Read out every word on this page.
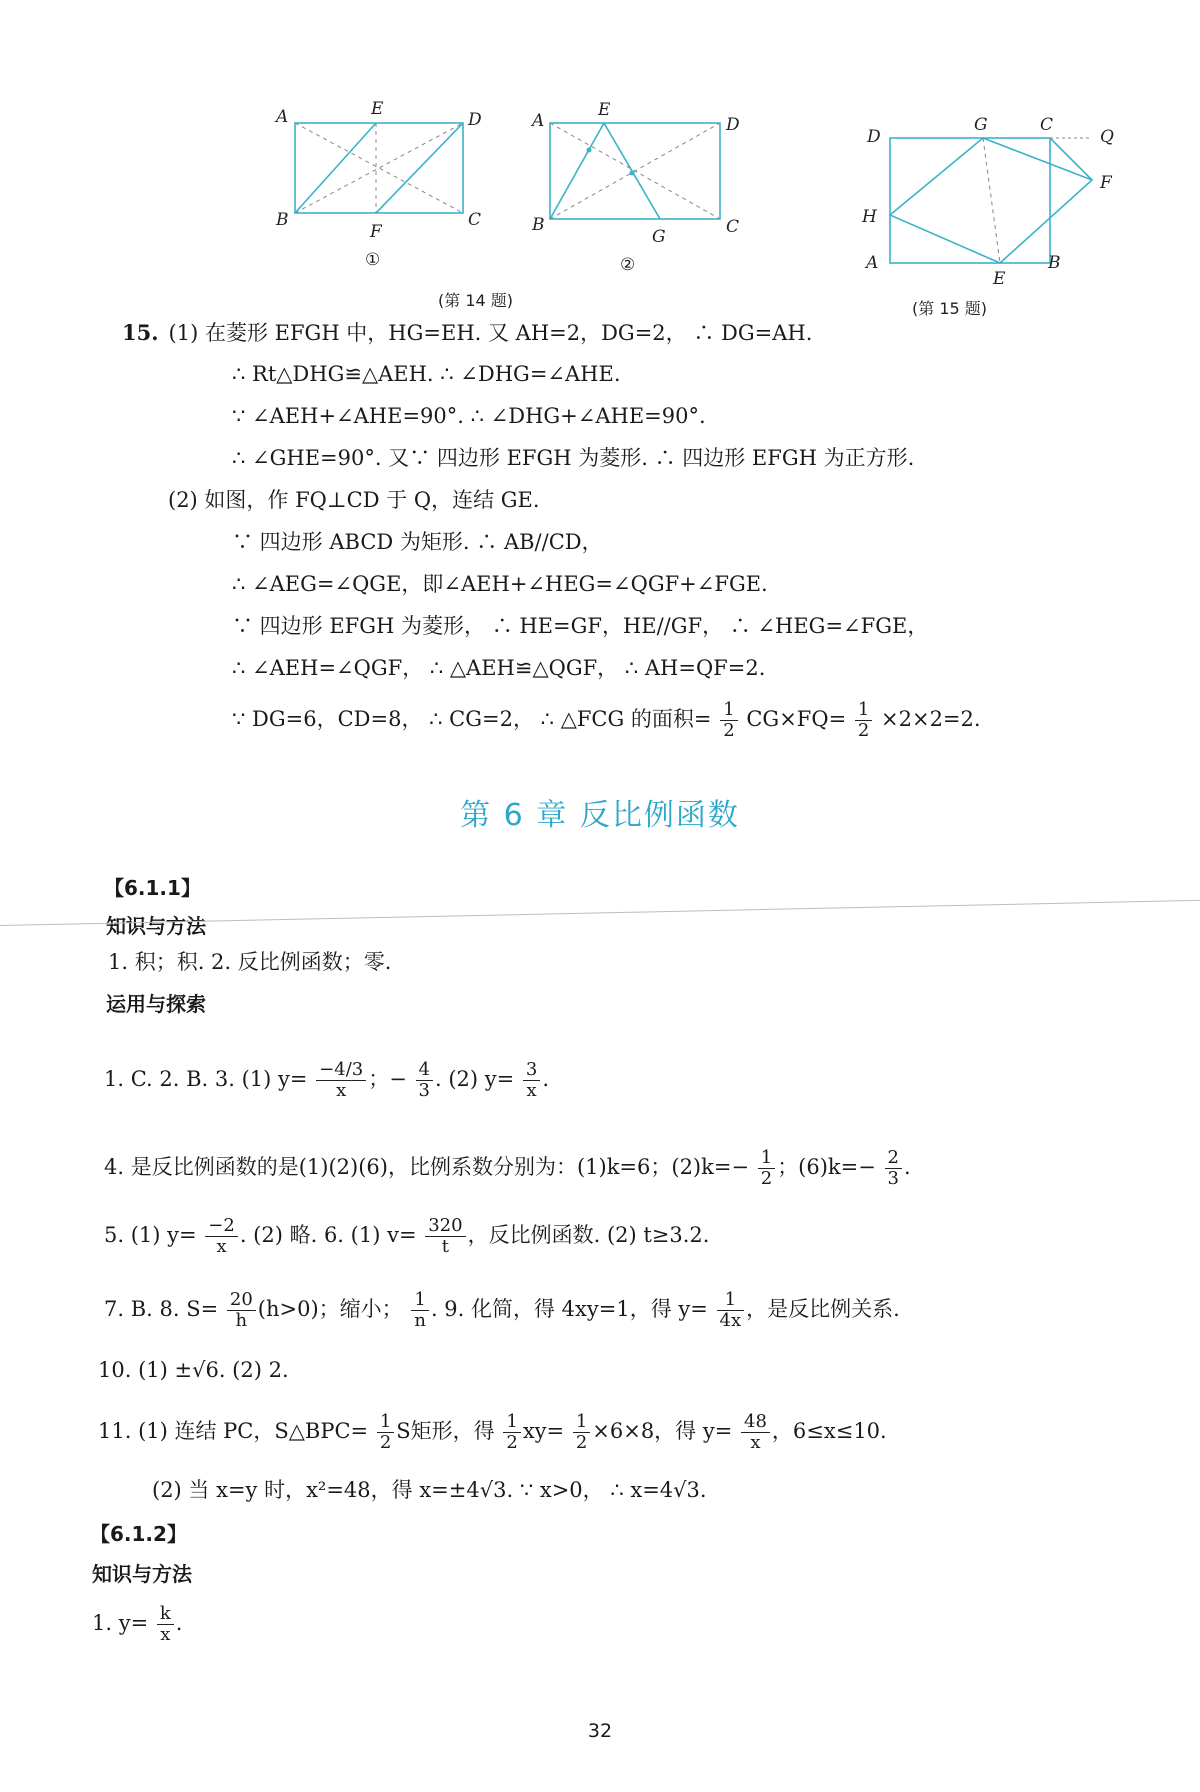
A	E
D
B
F
C
①
A
E
D
B
G	C
②
D
G	C
Q
F
H
A
E
B
(第 14 题)	(第 15 题)
15. (1) 在菱形 EFGH 中，HG=EH. 又 AH=2，DG=2， ∴ DG=AH.
∴ Rt△DHG≌△AEH. ∴ ∠DHG=∠AHE.
∵ ∠AEH+∠AHE=90°. ∴ ∠DHG+∠AHE=90°.
∴ ∠GHE=90°. 又∵ 四边形 EFGH 为菱形. ∴ 四边形 EFGH 为正方形.
(2) 如图，作 FQ⊥CD 于 Q，连结 GE.
∵ 四边形 ABCD 为矩形. ∴ AB//CD，
∴ ∠AEG=∠QGE，即∠AEH+∠HEG=∠QGF+∠FGE.
∵ 四边形 EFGH 为菱形， ∴ HE=GF，HE//GF， ∴ ∠HEG=∠FGE，
∴ ∠AEH=∠QGF， ∴ △AEH≌△QGF， ∴ AH=QF=2.
∵ DG=6，CD=8， ∴ CG=2， ∴ △FCG 的面积= $\frac{1}{2} CG\times FQ= \frac{1}{2} \times 2\times 2=2$.
第 6 章 反比例函数
【6.1.1】
知识与方法
1. 积；积. 2. 反比例函数；零.
运用与探索
1. C. 2. B. 3. (1) $y= \frac{-4/3}{x}$ ；− $\frac{4}{3}$ . (2) $y= \frac{3}{x}$ .
4. 是反比例函数的是(1)(2)(6)，比例系数分别为：(1)k=6；$(2)k=- \frac{1}{2}$ ；$(6)k=- \frac{2}{3}$ .
5. (1) $y= \frac{-2}{x}$ . (2) 略. 6. (1) $v= \frac{320}{t}$ ，反比例函数. (2) t≥3.2.
7. B. 8. $S= \frac{20}{h} (h>0)$；缩小； $\frac{1}{n}$ . 9. 化简，得 4xy=1，得 $y= \frac{1}{4x}$ ，是反比例关系.
10. (1) ±√6. (2) 2.
11. (1) 连结 PC，S△BPC= $\frac{1}{2}$ S矩形，得 $\frac{1}{2} xy= \frac{1}{2} \times 6\times 8$，得 $y= \frac{48}{x}$ ，6≤x≤10.
(2) 当 x=y 时，x²=48，得 x=±4√3. ∵ x>0， ∴ x=4√3.
【6.1.2】
知识与方法
1. $y= \frac{k}{x}$ .
32
